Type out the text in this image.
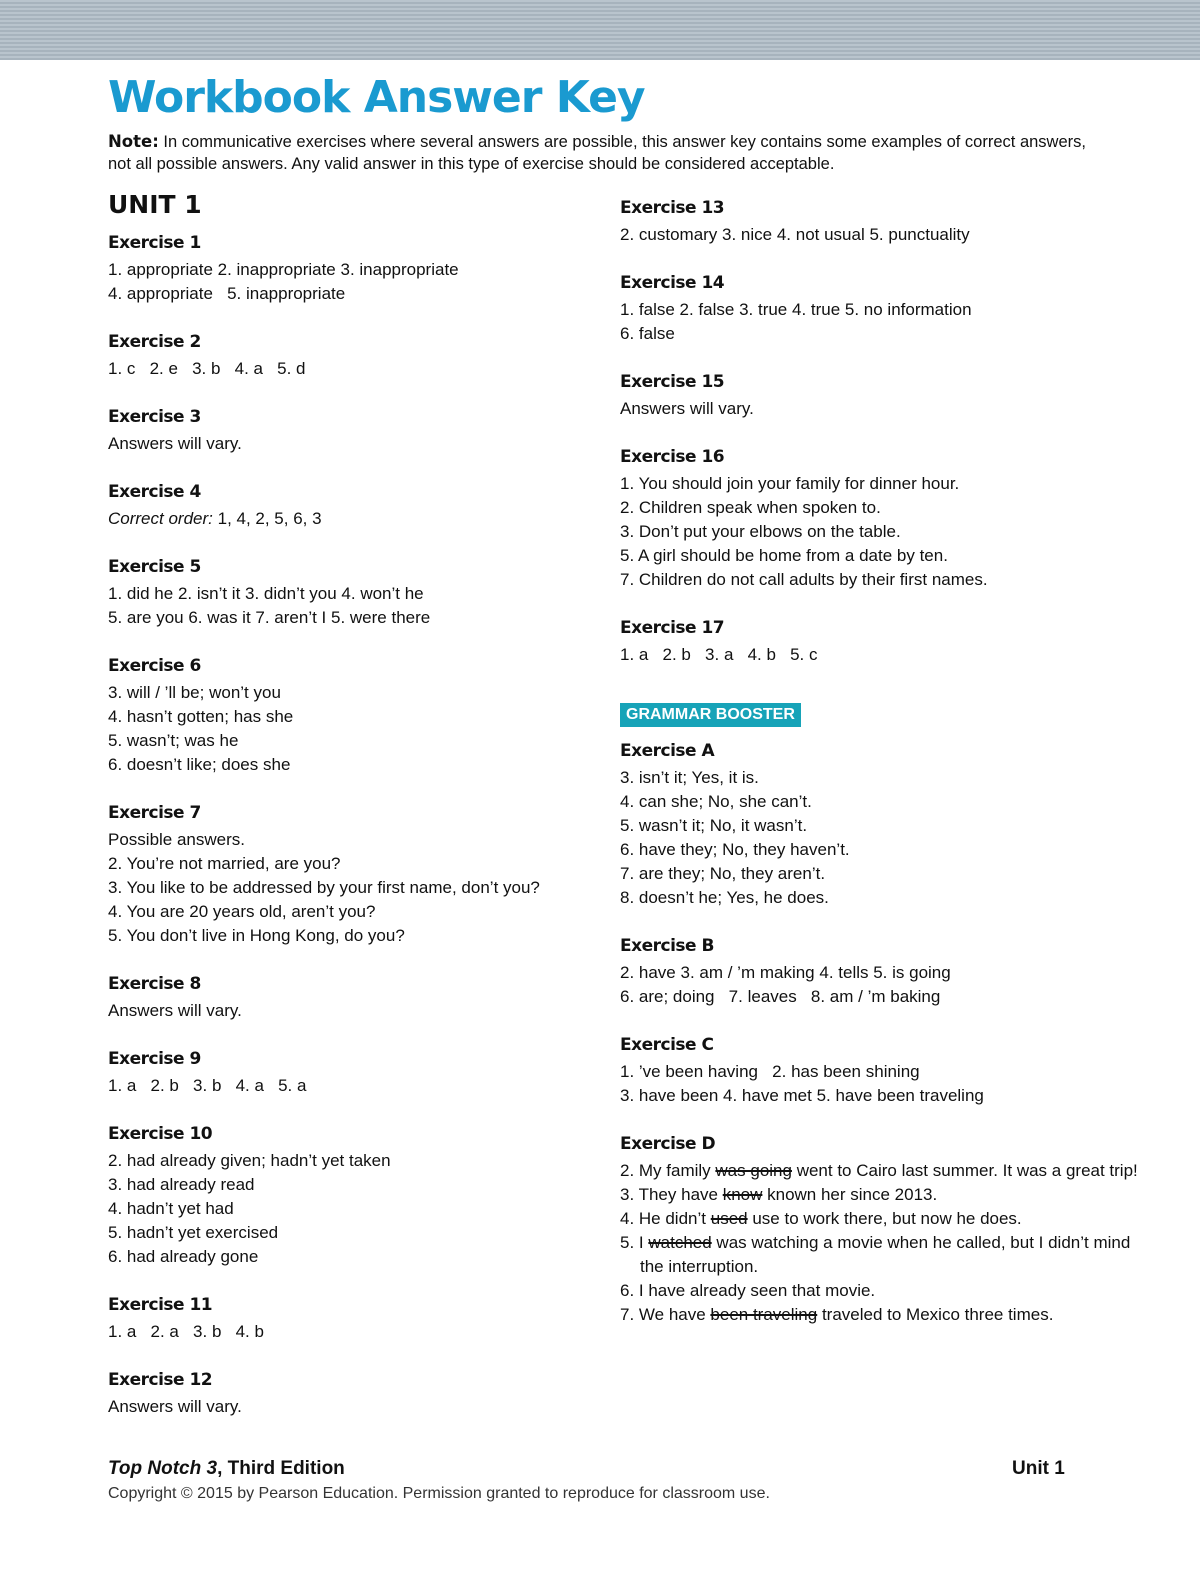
Workbook Answer Key
Note: In communicative exercises where several answers are possible, this answer key contains some examples of correct answers, not all possible answers. Any valid answer in this type of exercise should be considered acceptable.
UNIT 1
Exercise 1
1. appropriate 2. inappropriate 3. inappropriate
4. appropriate   5. inappropriate
Exercise 2
1. c   2. e   3. b   4. a   5. d
Exercise 3
Answers will vary.
Exercise 4
Correct order: 1, 4, 2, 5, 6, 3
Exercise 5
1. did he 2. isn’t it 3. didn’t you 4. won’t he
5. are you 6. was it 7. aren’t I 5. were there
Exercise 6
3. will / ’ll be; won’t you
4. hasn’t gotten; has she
5. wasn’t; was he
6. doesn’t like; does she
Exercise 7
Possible answers.
2. You’re not married, are you?
3. You like to be addressed by your first name, don’t you?
4. You are 20 years old, aren’t you?
5. You don’t live in Hong Kong, do you?
Exercise 8
Answers will vary.
Exercise 9
1. a   2. b   3. b   4. a   5. a
Exercise 10
2. had already given; hadn’t yet taken
3. had already read
4. hadn’t yet had
5. hadn’t yet exercised
6. had already gone
Exercise 11
1. a   2. a   3. b   4. b
Exercise 12
Answers will vary.
Exercise 13
2. customary 3. nice 4. not usual 5. punctuality
Exercise 14
1. false 2. false 3. true 4. true 5. no information
6. false
Exercise 15
Answers will vary.
Exercise 16
1. You should join your family for dinner hour.
2. Children speak when spoken to.
3. Don’t put your elbows on the table.
5. A girl should be home from a date by ten.
7. Children do not call adults by their first names.
Exercise 17
1. a   2. b   3. a   4. b   5. c
GRAMMAR BOOSTER
Exercise A
3. isn’t it; Yes, it is.
4. can she; No, she can’t.
5. wasn’t it; No, it wasn’t.
6. have they; No, they haven’t.
7. are they; No, they aren’t.
8. doesn’t he; Yes, he does.
Exercise B
2. have 3. am / ’m making 4. tells 5. is going
6. are; doing   7. leaves   8. am / ’m baking
Exercise C
1. ’ve been having   2. has been shining
3. have been 4. have met 5. have been traveling
Exercise D
2. My family was going went to Cairo last summer. It was a great trip!
3. They have know known her since 2013.
4. He didn’t used use to work there, but now he does.
5. I watched was watching a movie when he called, but I didn’t mind the interruption.
6. I have already seen that movie.
7. We have been traveling traveled to Mexico three times.
Top Notch 3, Third Edition	Unit 1
Copyright © 2015 by Pearson Education. Permission granted to reproduce for classroom use.
